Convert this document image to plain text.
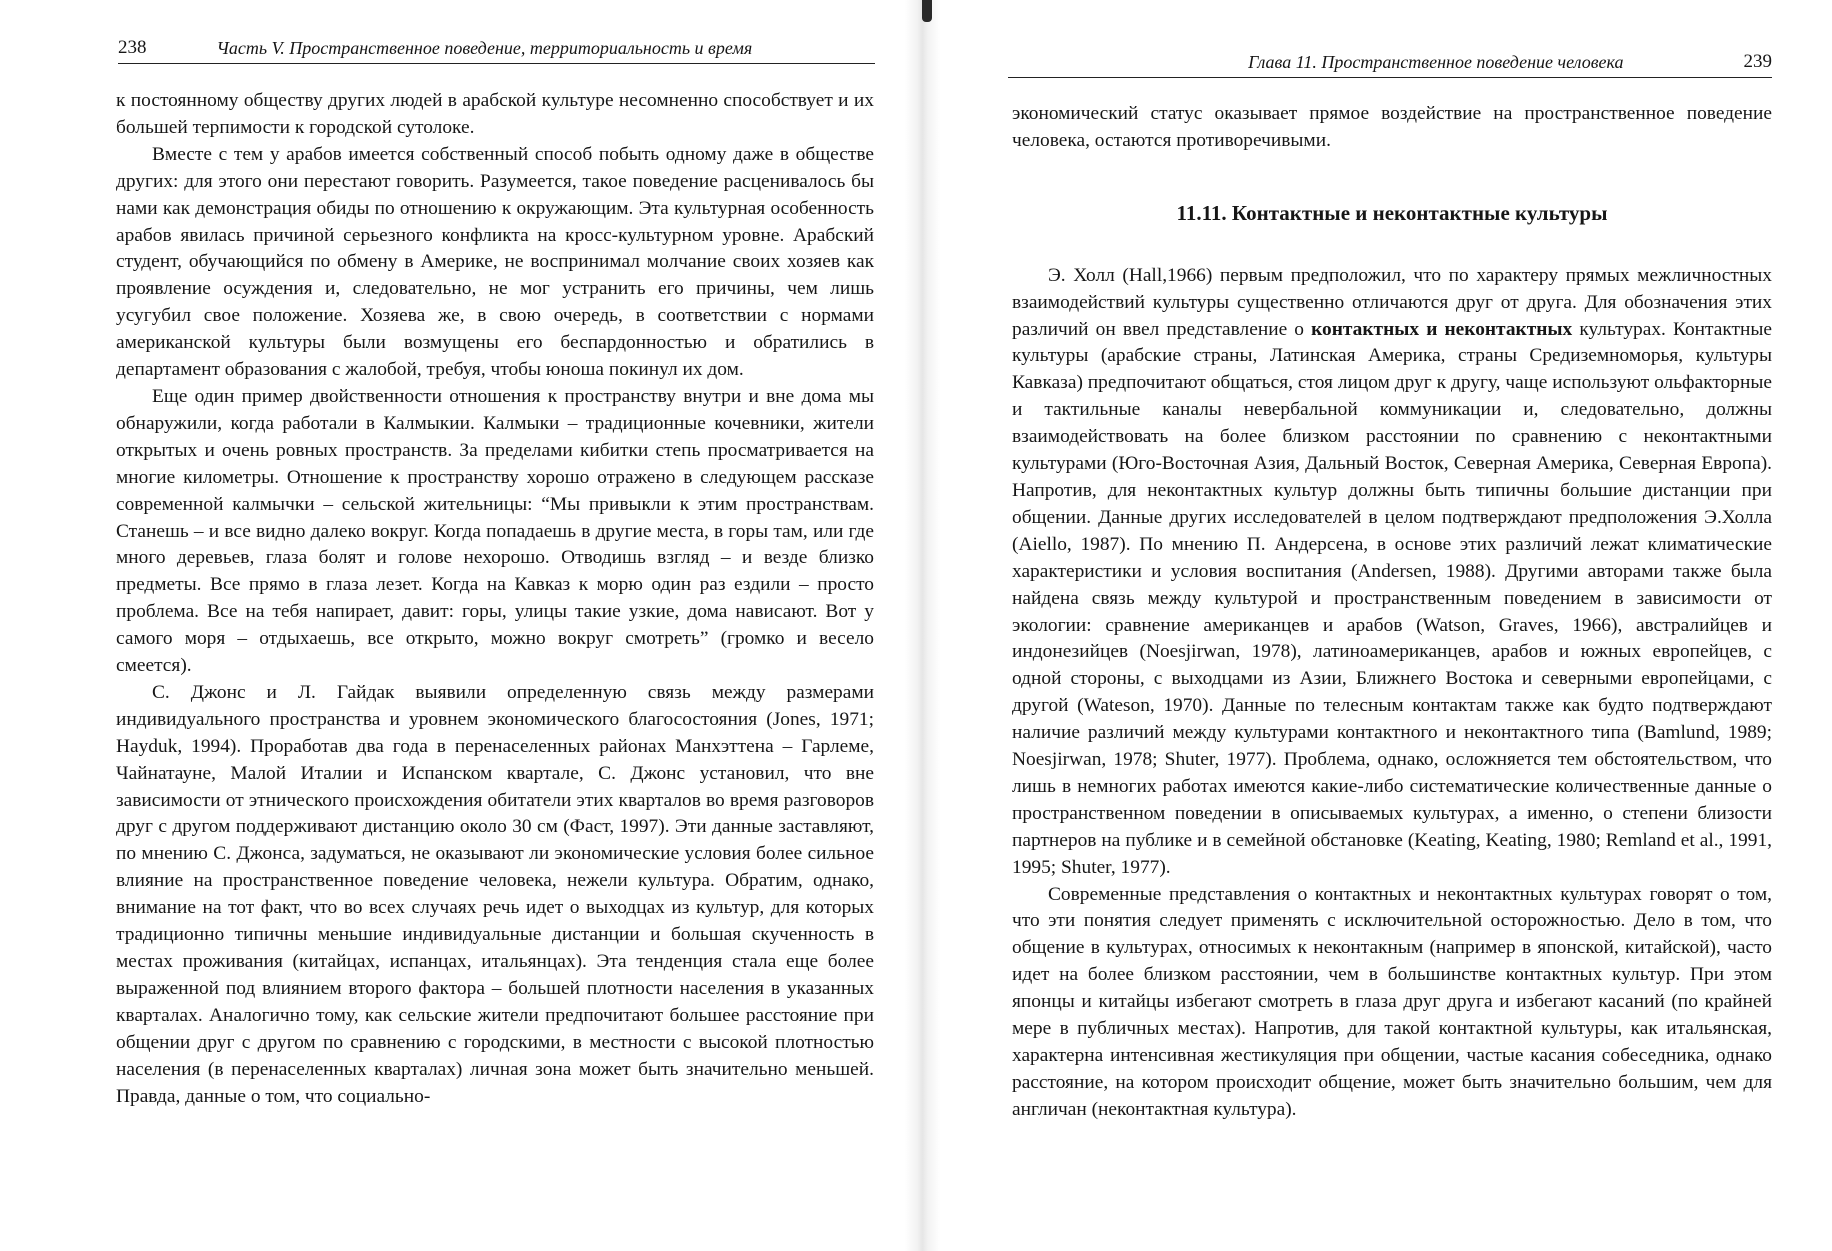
238	Часть V. Пространственное поведение, территориальность и время

к постоянному обществу других людей в арабской культуре несомненно способствует и их большей терпимости к городской сутолоке.

Вместе с тем у арабов имеется собственный способ побыть одному даже в обществе других: для этого они перестают говорить. Разумеется, такое поведение расценивалось бы нами как демонстрация обиды по отношению к окружающим. Эта культурная особенность арабов явилась причиной серьезного конфликта на кросс-культурном уровне. Арабский студент, обучающийся по обмену в Америке, не воспринимал молчание своих хозяев как проявление осуждения и, следовательно, не мог устранить его причины, чем лишь усугубил свое положение. Хозяева же, в свою очередь, в соответствии с нормами американской культуры были возмущены его беспардонностью и обратились в департамент образования с жалобой, требуя, чтобы юноша покинул их дом.

Еще один пример двойственности отношения к пространству внутри и вне дома мы обнаружили, когда работали в Калмыкии. Калмыки – традиционные кочевники, жители открытых и очень ровных пространств. За пределами кибитки степь просматривается на многие километры. Отношение к пространству хорошо отражено в следующем рассказе современной калмычки – сельской жительницы: “Мы привыкли к этим пространствам. Станешь – и все видно далеко вокруг. Когда попадаешь в другие места, в горы там, или где много деревьев, глаза болят и голове нехорошо. Отводишь взгляд – и везде близко предметы. Все прямо в глаза лезет. Когда на Кавказ к морю один раз ездили – просто проблема. Все на тебя напирает, давит: горы, улицы такие узкие, дома нависают. Вот у самого моря – отдыхаешь, все открыто, можно вокруг смотреть” (громко и весело смеется).

С. Джонс и Л. Гайдак выявили определенную связь между размерами индивидуального пространства и уровнем экономического благосостояния (Jones, 1971; Hayduk, 1994). Проработав два года в перенаселенных районах Манхэттена – Гарлеме, Чайнатауне, Малой Италии и Испанском квартале, С. Джонс установил, что вне зависимости от этнического происхождения обитатели этих кварталов во время разговоров друг с другом поддерживают дистанцию около 30 см (Фаст, 1997). Эти данные заставляют, по мнению С. Джонса, задуматься, не оказывают ли экономические условия более сильное влияние на пространственное поведение человека, нежели культура. Обратим, однако, внимание на тот факт, что во всех случаях речь идет о выходцах из культур, для которых традиционно типичны меньшие индивидуальные дистанции и большая скученность в местах проживания (китайцах, испанцах, итальянцах). Эта тенденция стала еще более выраженной под влиянием второго фактора – большей плотности населения в указанных кварталах. Аналогично тому, как сельские жители предпочитают большее расстояние при общении друг с другом по сравнению с городскими, в местности с высокой плотностью населения (в перенаселенных кварталах) личная зона может быть значительно меньшей. Правда, данные о том, что социально-

Глава 11. Пространственное поведение человека	239

экономический статус оказывает прямое воздействие на пространственное поведение человека, остаются противоречивыми.

11.11. Контактные и неконтактные культуры

Э. Холл (Hall,1966) первым предположил, что по характеру прямых межличностных взаимодействий культуры существенно отличаются друг от друга. Для обозначения этих различий он ввел представление о контактных и неконтактных культурах. Контактные культуры (арабские страны, Латинская Америка, страны Средиземноморья, культуры Кавказа) предпочитают общаться, стоя лицом друг к другу, чаще используют ольфакторные и тактильные каналы невербальной коммуникации и, следовательно, должны взаимодействовать на более близком расстоянии по сравнению с неконтактными культурами (Юго-Восточная Азия, Дальный Восток, Северная Америка, Северная Европа). Напротив, для неконтактных культур должны быть типичны большие дистанции при общении. Данные других исследователей в целом подтверждают предположения Э.Холла (Aiello, 1987). По мнению П. Андерсена, в основе этих различий лежат климатические характеристики и условия воспитания (Andersen, 1988). Другими авторами также была найдена связь между культурой и пространственным поведением в зависимости от экологии: сравнение американцев и арабов (Watson, Graves, 1966), австралийцев и индонезийцев (Noesjirwan, 1978), латиноамериканцев, арабов и южных европейцев, с одной стороны, с выходцами из Азии, Ближнего Востока и северными европейцами, с другой (Wateson, 1970). Данные по телесным контактам также как будто подтверждают наличие различий между культурами контактного и неконтактного типа (Bamlund, 1989; Noesjirwan, 1978; Shuter, 1977). Проблема, однако, осложняется тем обстоятельством, что лишь в немногих работах имеются какие-либо систематические количественные данные о пространственном поведении в описываемых культурах, а именно, о степени близости партнеров на публике и в семейной обстановке (Keating, Keating, 1980; Remland et al., 1991, 1995; Shuter, 1977).

Современные представления о контактных и неконтактных культурах говорят о том, что эти понятия следует применять с исключительной осторожностью. Дело в том, что общение в культурах, относимых к неконтакным (например в японской, китайской), часто идет на более близком расстоянии, чем в большинстве контактных культур. При этом японцы и китайцы избегают смотреть в глаза друг друга и избегают касаний (по крайней мере в публичных местах). Напротив, для такой контактной культуры, как итальянская, характерна интенсивная жестикуляция при общении, частые касания собеседника, однако расстояние, на котором происходит общение, может быть значительно большим, чем для англичан (неконтактная культура).
